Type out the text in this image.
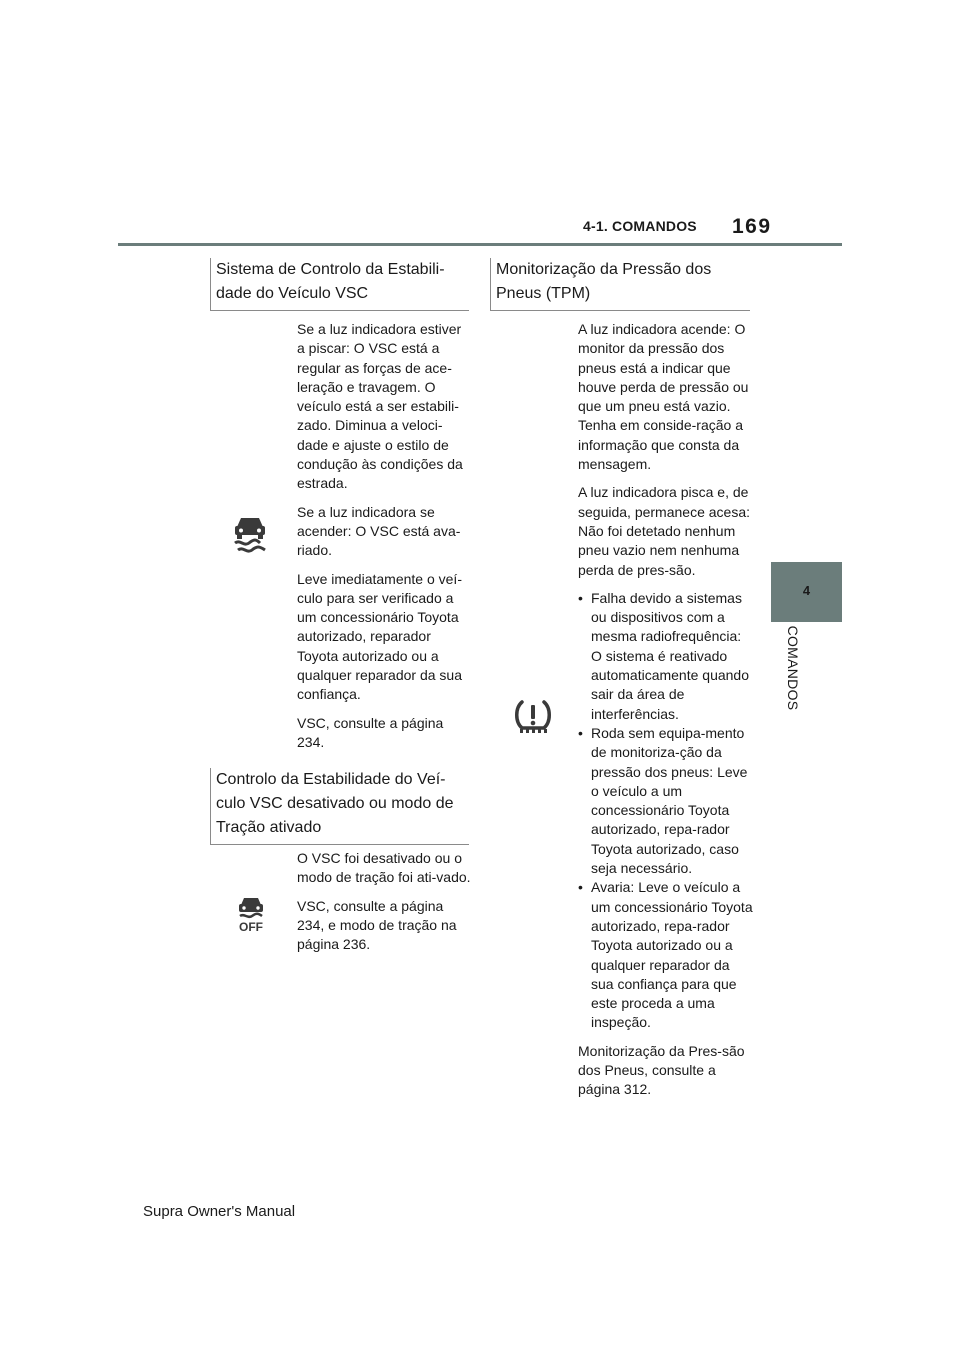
4-1. COMANDOS 169
4
COMANDOS
Sistema de Controlo da Estabili-dade do Veículo VSC

Se a luz indicadora estiver a piscar: O VSC está a regular as forças de ace-leração e travagem. O veículo está a ser estabili-zado. Diminua a veloci-dade e ajuste o estilo de condução às condições da estrada.

Se a luz indicadora se acender: O VSC está ava-riado.

Leve imediatamente o veí-culo para ser verificado a um concessionário Toyota autorizado, reparador Toyota autorizado ou a qualquer reparador da sua confiança.

VSC, consulte a página 234.

Controlo da Estabilidade do Veí-culo VSC desativado ou modo de Tração ativado
OFF

O VSC foi desativado ou o modo de tração foi ati-vado.

VSC, consulte a página 234, e modo de tração na página 236.

Monitorização da Pressão dos Pneus (TPM)

A luz indicadora acende: O monitor da pressão dos pneus está a indicar que houve perda de pressão ou que um pneu está vazio. Tenha em conside-ração a informação que consta da mensagem.

A luz indicadora pisca e, de seguida, permanece acesa: Não foi detetado nenhum pneu vazio nem nenhuma perda de pres-são.

• Falha devido a sistemas ou dispositivos com a mesma radiofrequência: O sistema é reativado automaticamente quando sair da área de interferências.
• Roda sem equipa-mento de monitoriza-ção da pressão dos pneus: Leve o veículo a um concessionário Toyota autorizado, repa-rador Toyota autorizado, caso seja necessário.
• Avaria: Leve o veículo a um concessionário Toyota autorizado, repa-rador Toyota autorizado ou a qualquer reparador da sua confiança para que este proceda a uma inspeção.

Monitorização da Pres-são dos Pneus, consulte a página 312.

Supra Owner's Manual
